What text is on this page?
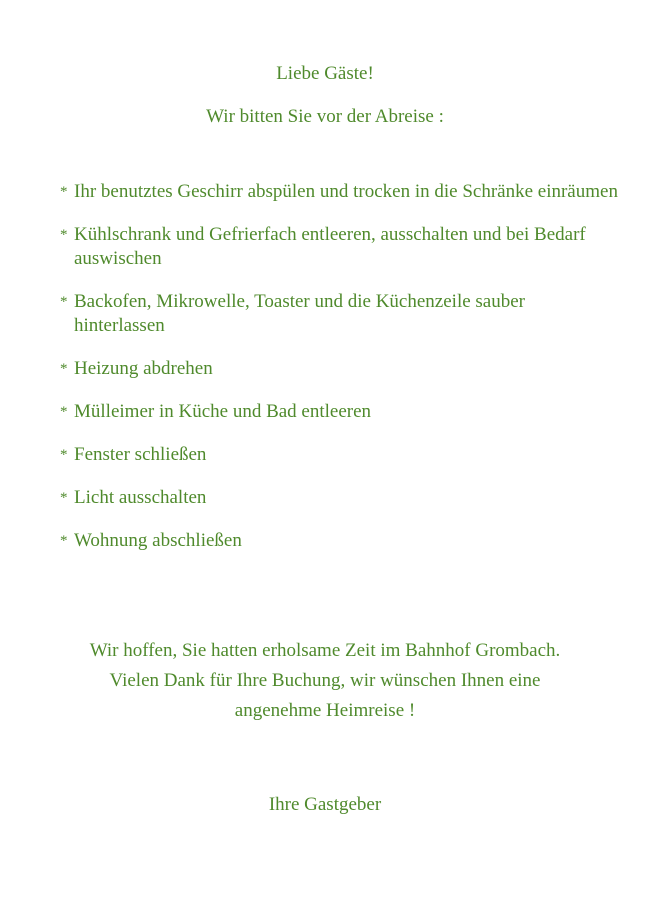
Liebe Gäste!
Wir bitten Sie vor der Abreise :
* Ihr benutztes Geschirr abspülen und trocken in die Schränke einräumen
* Kühlschrank und Gefrierfach entleeren, ausschalten und bei Bedarf auswischen
* Backofen, Mikrowelle, Toaster und die Küchenzeile sauber hinterlassen
* Heizung abdrehen
* Mülleimer in Küche und Bad entleeren
* Fenster schließen
* Licht ausschalten
* Wohnung abschließen
Wir hoffen, Sie hatten erholsame Zeit im Bahnhof Grombach.
Vielen Dank für Ihre Buchung, wir wünschen Ihnen eine
angenehme Heimreise !
Ihre Gastgeber
